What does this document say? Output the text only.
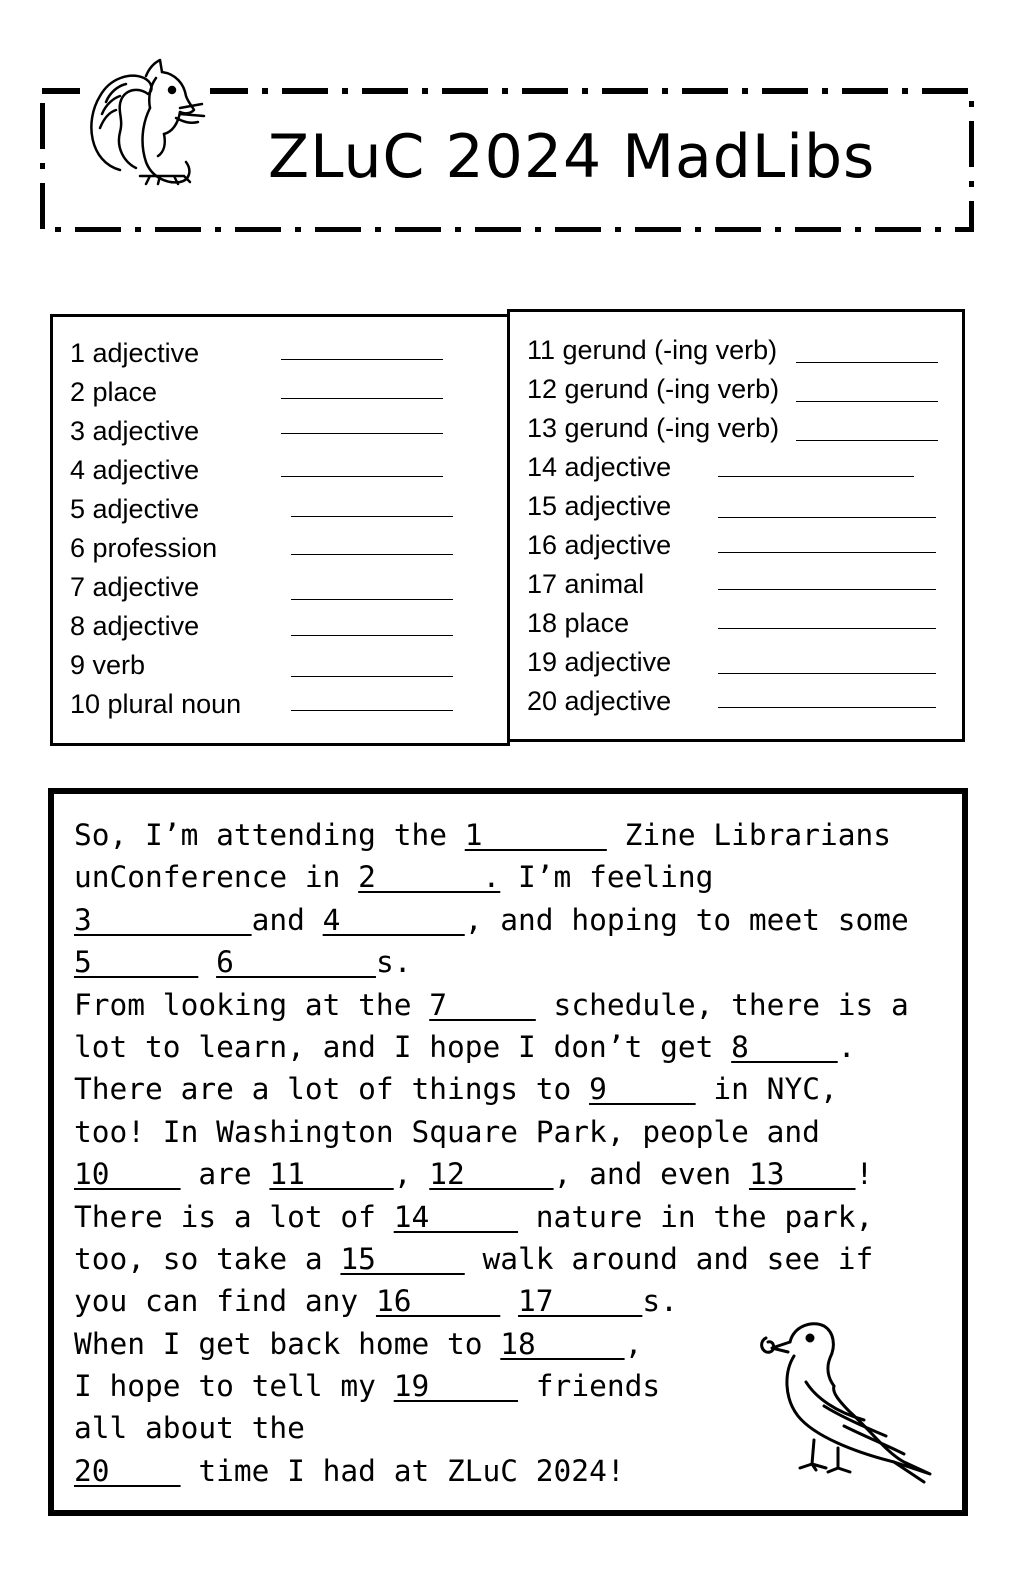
ZLuC 2024 MadLibs
1 adjective
2 place
3 adjective
4 adjective
5 adjective
6 profession
7 adjective
8 adjective
9 verb
10 plural noun
11 gerund (-ing verb)
12 gerund (-ing verb)
13 gerund (-ing verb)
14 adjective
15 adjective
16 adjective
17 animal
18 place
19 adjective
20 adjective
So, I’m attending the 1        Zine Librarians
unConference in 2      . I’m feeling
3         and 4       , and hoping to meet some
5       6        s.
From looking at the 7      schedule, there is a
lot to learn, and I hope I don’t get 8     .
There are a lot of things to 9      in NYC,
too! In Washington Square Park, people and
10     are 11     , 12     , and even 13    !
There is a lot of 14      nature in the park,
too, so take a 15      walk around and see if
you can find any 16      17     s.
When I get back home to 18     ,
I hope to tell my 19      friends
all about the
20     time I had at ZLuC 2024!
